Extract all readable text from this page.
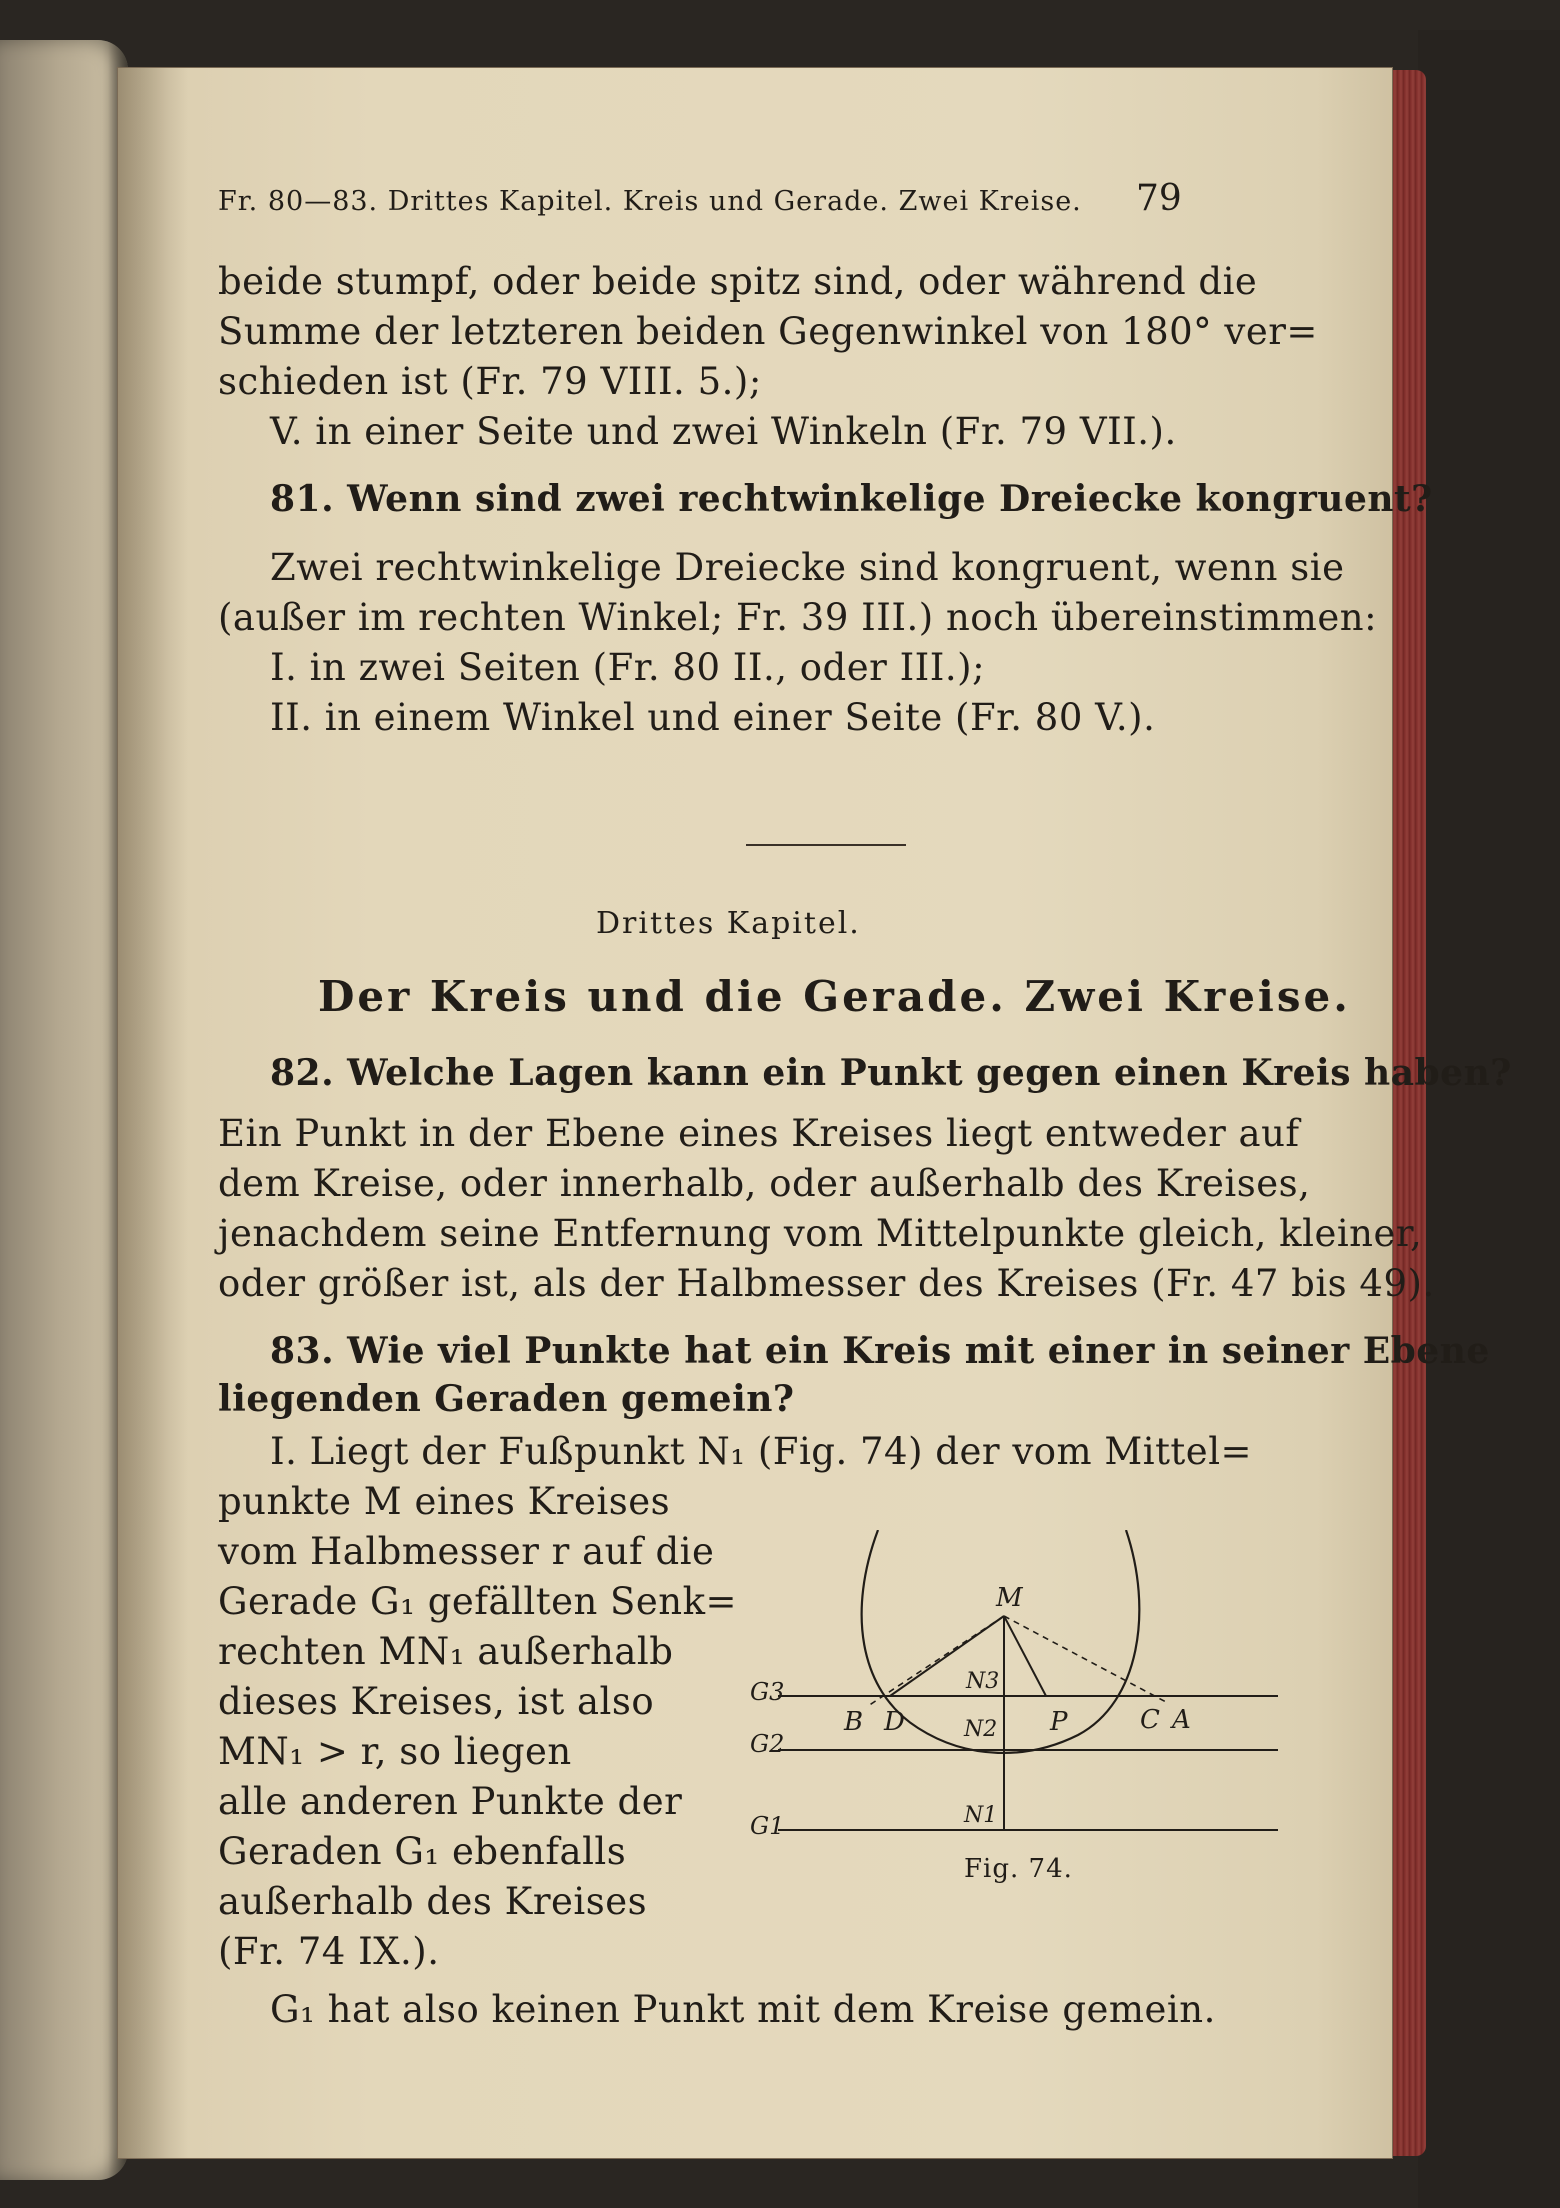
Fr. 80—83. Drittes Kapitel. Kreis und Gerade. Zwei Kreise. 79
beide stumpf, oder beide spitz sind, oder während die
Summe der letzteren beiden Gegenwinkel von 180° ver=
schieden ist (Fr. 79 VIII. 5.);
V. in einer Seite und zwei Winkeln (Fr. 79 VII.).
81. Wenn sind zwei rechtwinkelige Dreiecke kongruent?
Zwei rechtwinkelige Dreiecke sind kongruent, wenn sie
(außer im rechten Winkel; Fr. 39 III.) noch übereinstimmen:
I. in zwei Seiten (Fr. 80 II., oder III.);
II. in einem Winkel und einer Seite (Fr. 80 V.).
Drittes Kapitel.
Der Kreis und die Gerade. Zwei Kreise.
82. Welche Lagen kann ein Punkt gegen einen Kreis haben?
Ein Punkt in der Ebene eines Kreises liegt entweder auf
dem Kreise, oder innerhalb, oder außerhalb des Kreises,
jenachdem seine Entfernung vom Mittelpunkte gleich, kleiner,
oder größer ist, als der Halbmesser des Kreises (Fr. 47 bis 49).
83. Wie viel Punkte hat ein Kreis mit einer in seiner Ebene
liegenden Geraden gemein?
I. Liegt der Fußpunkt N₁ (Fig. 74) der vom Mittel=
punkte M eines Kreises
vom Halbmesser r auf die
Gerade G₁ gefällten Senk=
rechten MN₁ außerhalb
dieses Kreises, ist also
MN₁ > r, so liegen
alle anderen Punkte der
Geraden G₁ ebenfalls
außerhalb des Kreises
(Fr. 74 IX.).
G₁ hat also keinen Punkt mit dem Kreise gemein.
M
N3
N2
N1
G3
G2
G1
B D	P	C A
Fig. 74.
